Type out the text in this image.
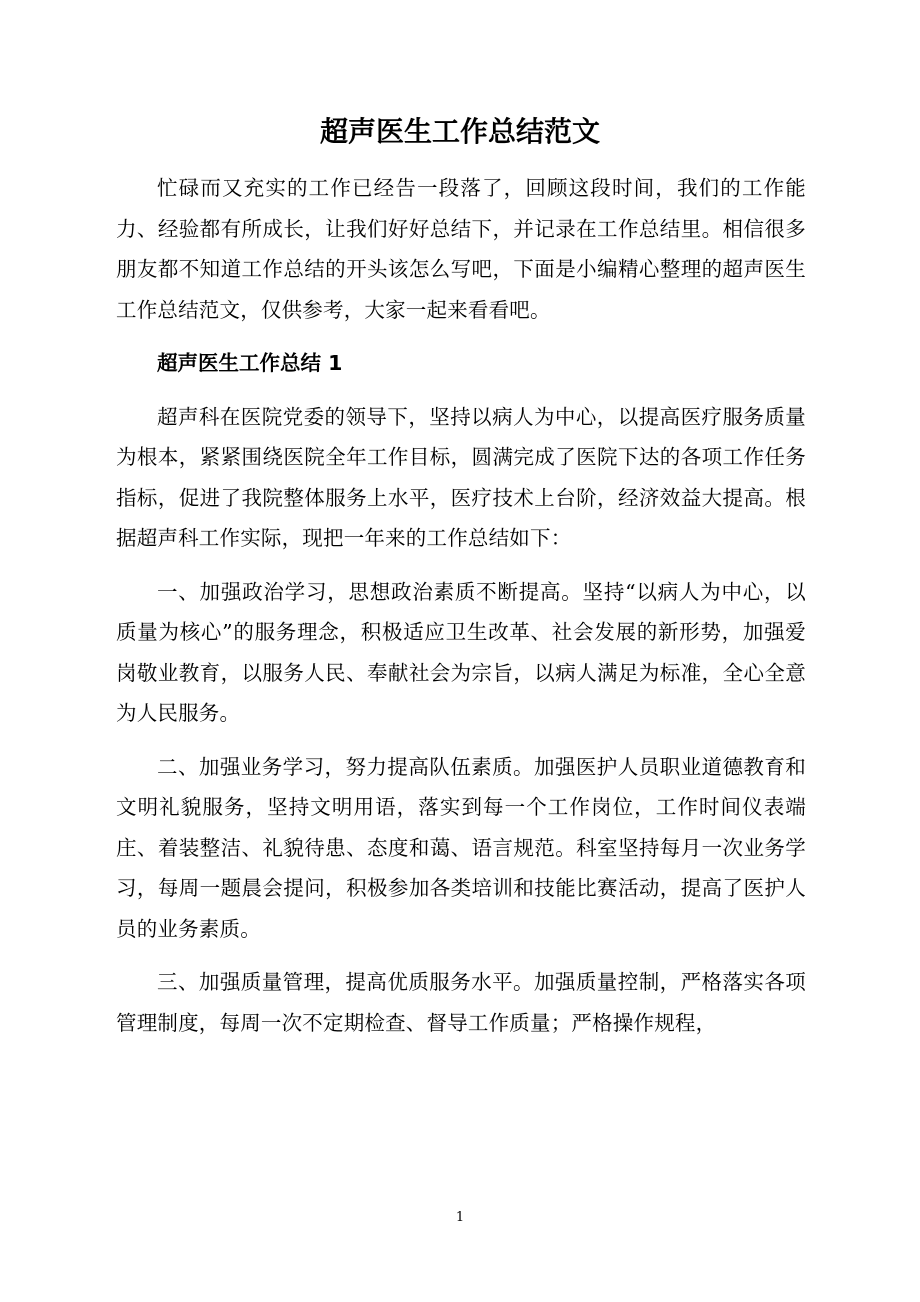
超声医生工作总结范文

忙碌而又充实的工作已经告一段落了，回顾这段时间，我们的工作能力、经验都有所成长，让我们好好总结下，并记录在工作总结里。相信很多朋友都不知道工作总结的开头该怎么写吧，下面是小编精心整理的超声医生工作总结范文，仅供参考，大家一起来看看吧。

超声医生工作总结 1

超声科在医院党委的领导下，坚持以病人为中心，以提高医疗服务质量为根本，紧紧围绕医院全年工作目标，圆满完成了医院下达的各项工作任务指标，促进了我院整体服务上水平，医疗技术上台阶，经济效益大提高。根据超声科工作实际，现把一年来的工作总结如下：

一、加强政治学习，思想政治素质不断提高。坚持“以病人为中心，以质量为核心”的服务理念，积极适应卫生改革、社会发展的新形势，加强爱岗敬业教育，以服务人民、奉献社会为宗旨，以病人满足为标准，全心全意为人民服务。

二、加强业务学习，努力提高队伍素质。加强医护人员职业道德教育和文明礼貌服务，坚持文明用语，落实到每一个工作岗位，工作时间仪表端庄、着装整洁、礼貌待患、态度和蔼、语言规范。科室坚持每月一次业务学习，每周一题晨会提问，积极参加各类培训和技能比赛活动，提高了医护人员的业务素质。

三、加强质量管理，提高优质服务水平。加强质量控制，严格落实各项管理制度，每周一次不定期检查、督导工作质量；严格操作规程，

1
